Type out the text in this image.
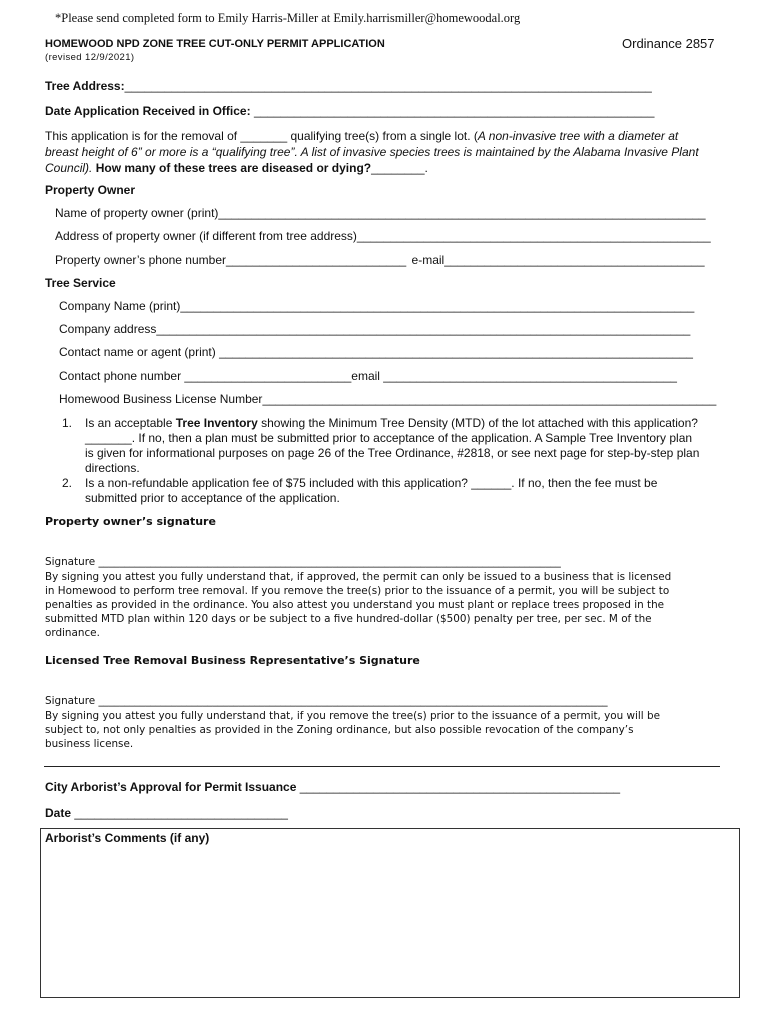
*Please send completed form to Emily Harris-Miller at Emily.harrismiller@homewoodal.org
HOMEWOOD NPD ZONE TREE CUT-ONLY PERMIT APPLICATION
(revised 12/9/2021)
Ordinance 2857
Tree Address:_______________________________________________________________________________
Date Application Received in Office: ____________________________________________________________
This application is for the removal of _______ qualifying tree(s) from a single lot. (A non-invasive tree with a diameter at
breast height of 6” or more is a “qualifying tree”. A list of invasive species trees is maintained by the Alabama Invasive Plant
Council). How many of these trees are diseased or dying?________.
Property Owner
Name of property owner (print)_________________________________________________________________________
Address of property owner (if different from tree address)_____________________________________________________
Property owner’s phone number___________________________ e-mail_______________________________________
Tree Service
Company Name (print)_____________________________________________________________________________
Company address________________________________________________________________________________
Contact name or agent (print) _______________________________________________________________________
Contact phone number _________________________email ____________________________________________
Homewood Business License Number____________________________________________________________________
1. Is an acceptable Tree Inventory showing the Minimum Tree Density (MTD) of the lot attached with this application?
_______. If no, then a plan must be submitted prior to acceptance of the application. A Sample Tree Inventory plan
is given for informational purposes on page 26 of the Tree Ordinance, #2818, or see next page for step-by-step plan
directions.
2. Is a non-refundable application fee of $75 included with this application? ______. If no, then the fee must be
submitted prior to acceptance of the application.
Property owner’s signature
Signature _________________________________________________________________________________________
By signing you attest you fully understand that, if approved, the permit can only be issued to a business that is licensed
in Homewood to perform tree removal. If you remove the tree(s) prior to the issuance of a permit, you will be subject to
penalties as provided in the ordinance. You also attest you understand you must plant or replace trees proposed in the
submitted MTD plan within 120 days or be subject to a five hundred-dollar ($500) penalty per tree, per sec. M of the
ordinance.
Licensed Tree Removal Business Representative’s Signature
Signature __________________________________________________________________________________________________
By signing you attest you fully understand that, if you remove the tree(s) prior to the issuance of a permit, you will be
subject to, not only penalties as provided in the Zoning ordinance, but also possible revocation of the company’s
business license.
City Arborist’s Approval for Permit Issuance ________________________________________________
Date ________________________________
Arborist’s Comments (if any)
